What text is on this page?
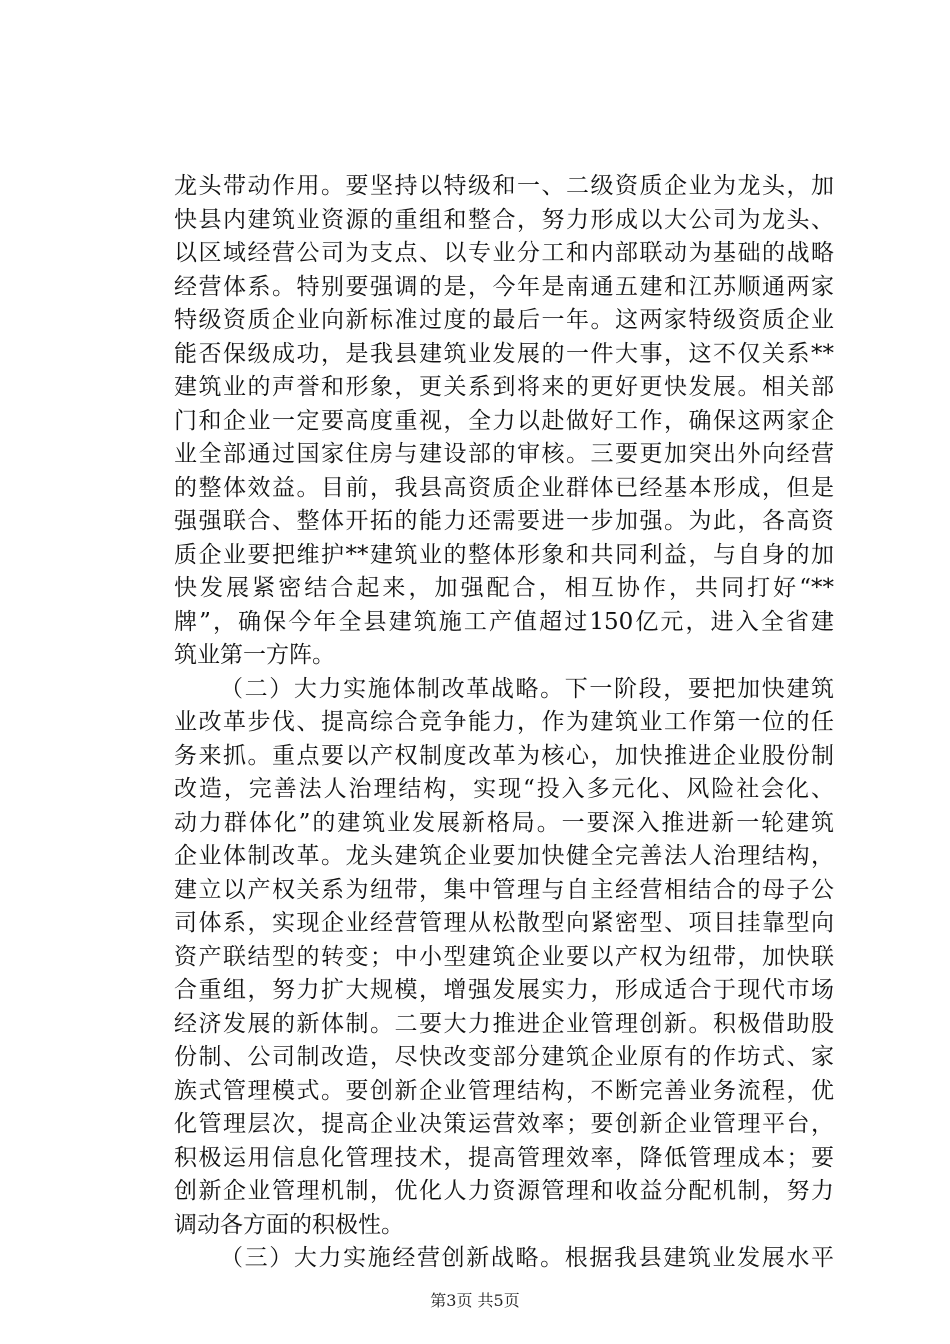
龙头带动作用。要坚持以特级和一、二级资质企业为龙头，加
快县内建筑业资源的重组和整合，努力形成以大公司为龙头、
以区域经营公司为支点、以专业分工和内部联动为基础的战略
经营体系。特别要强调的是，今年是南通五建和江苏顺通两家
特级资质企业向新标准过度的最后一年。这两家特级资质企业
能否保级成功，是我县建筑业发展的一件大事，这不仅关系**
建筑业的声誉和形象，更关系到将来的更好更快发展。相关部
门和企业一定要高度重视，全力以赴做好工作，确保这两家企
业全部通过国家住房与建设部的审核。三要更加突出外向经营
的整体效益。目前，我县高资质企业群体已经基本形成，但是
强强联合、整体开拓的能力还需要进一步加强。为此，各高资
质企业要把维护**建筑业的整体形象和共同利益，与自身的加
快发展紧密结合起来，加强配合，相互协作，共同打好“**
牌”，确保今年全县建筑施工产值超过150亿元，进入全省建
筑业第一方阵。
（二）大力实施体制改革战略。下一阶段，要把加快建筑
业改革步伐、提高综合竞争能力，作为建筑业工作第一位的任
务来抓。重点要以产权制度改革为核心，加快推进企业股份制
改造，完善法人治理结构，实现“投入多元化、风险社会化、
动力群体化”的建筑业发展新格局。一要深入推进新一轮建筑
企业体制改革。龙头建筑企业要加快健全完善法人治理结构，
建立以产权关系为纽带，集中管理与自主经营相结合的母子公
司体系，实现企业经营管理从松散型向紧密型、项目挂靠型向
资产联结型的转变；中小型建筑企业要以产权为纽带，加快联
合重组，努力扩大规模，增强发展实力，形成适合于现代市场
经济发展的新体制。二要大力推进企业管理创新。积极借助股
份制、公司制改造，尽快改变部分建筑企业原有的作坊式、家
族式管理模式。要创新企业管理结构，不断完善业务流程，优
化管理层次，提高企业决策运营效率；要创新企业管理平台，
积极运用信息化管理技术，提高管理效率，降低管理成本；要
创新企业管理机制，优化人力资源管理和收益分配机制，努力
调动各方面的积极性。
（三）大力实施经营创新战略。根据我县建筑业发展水平
第3页 共5页
